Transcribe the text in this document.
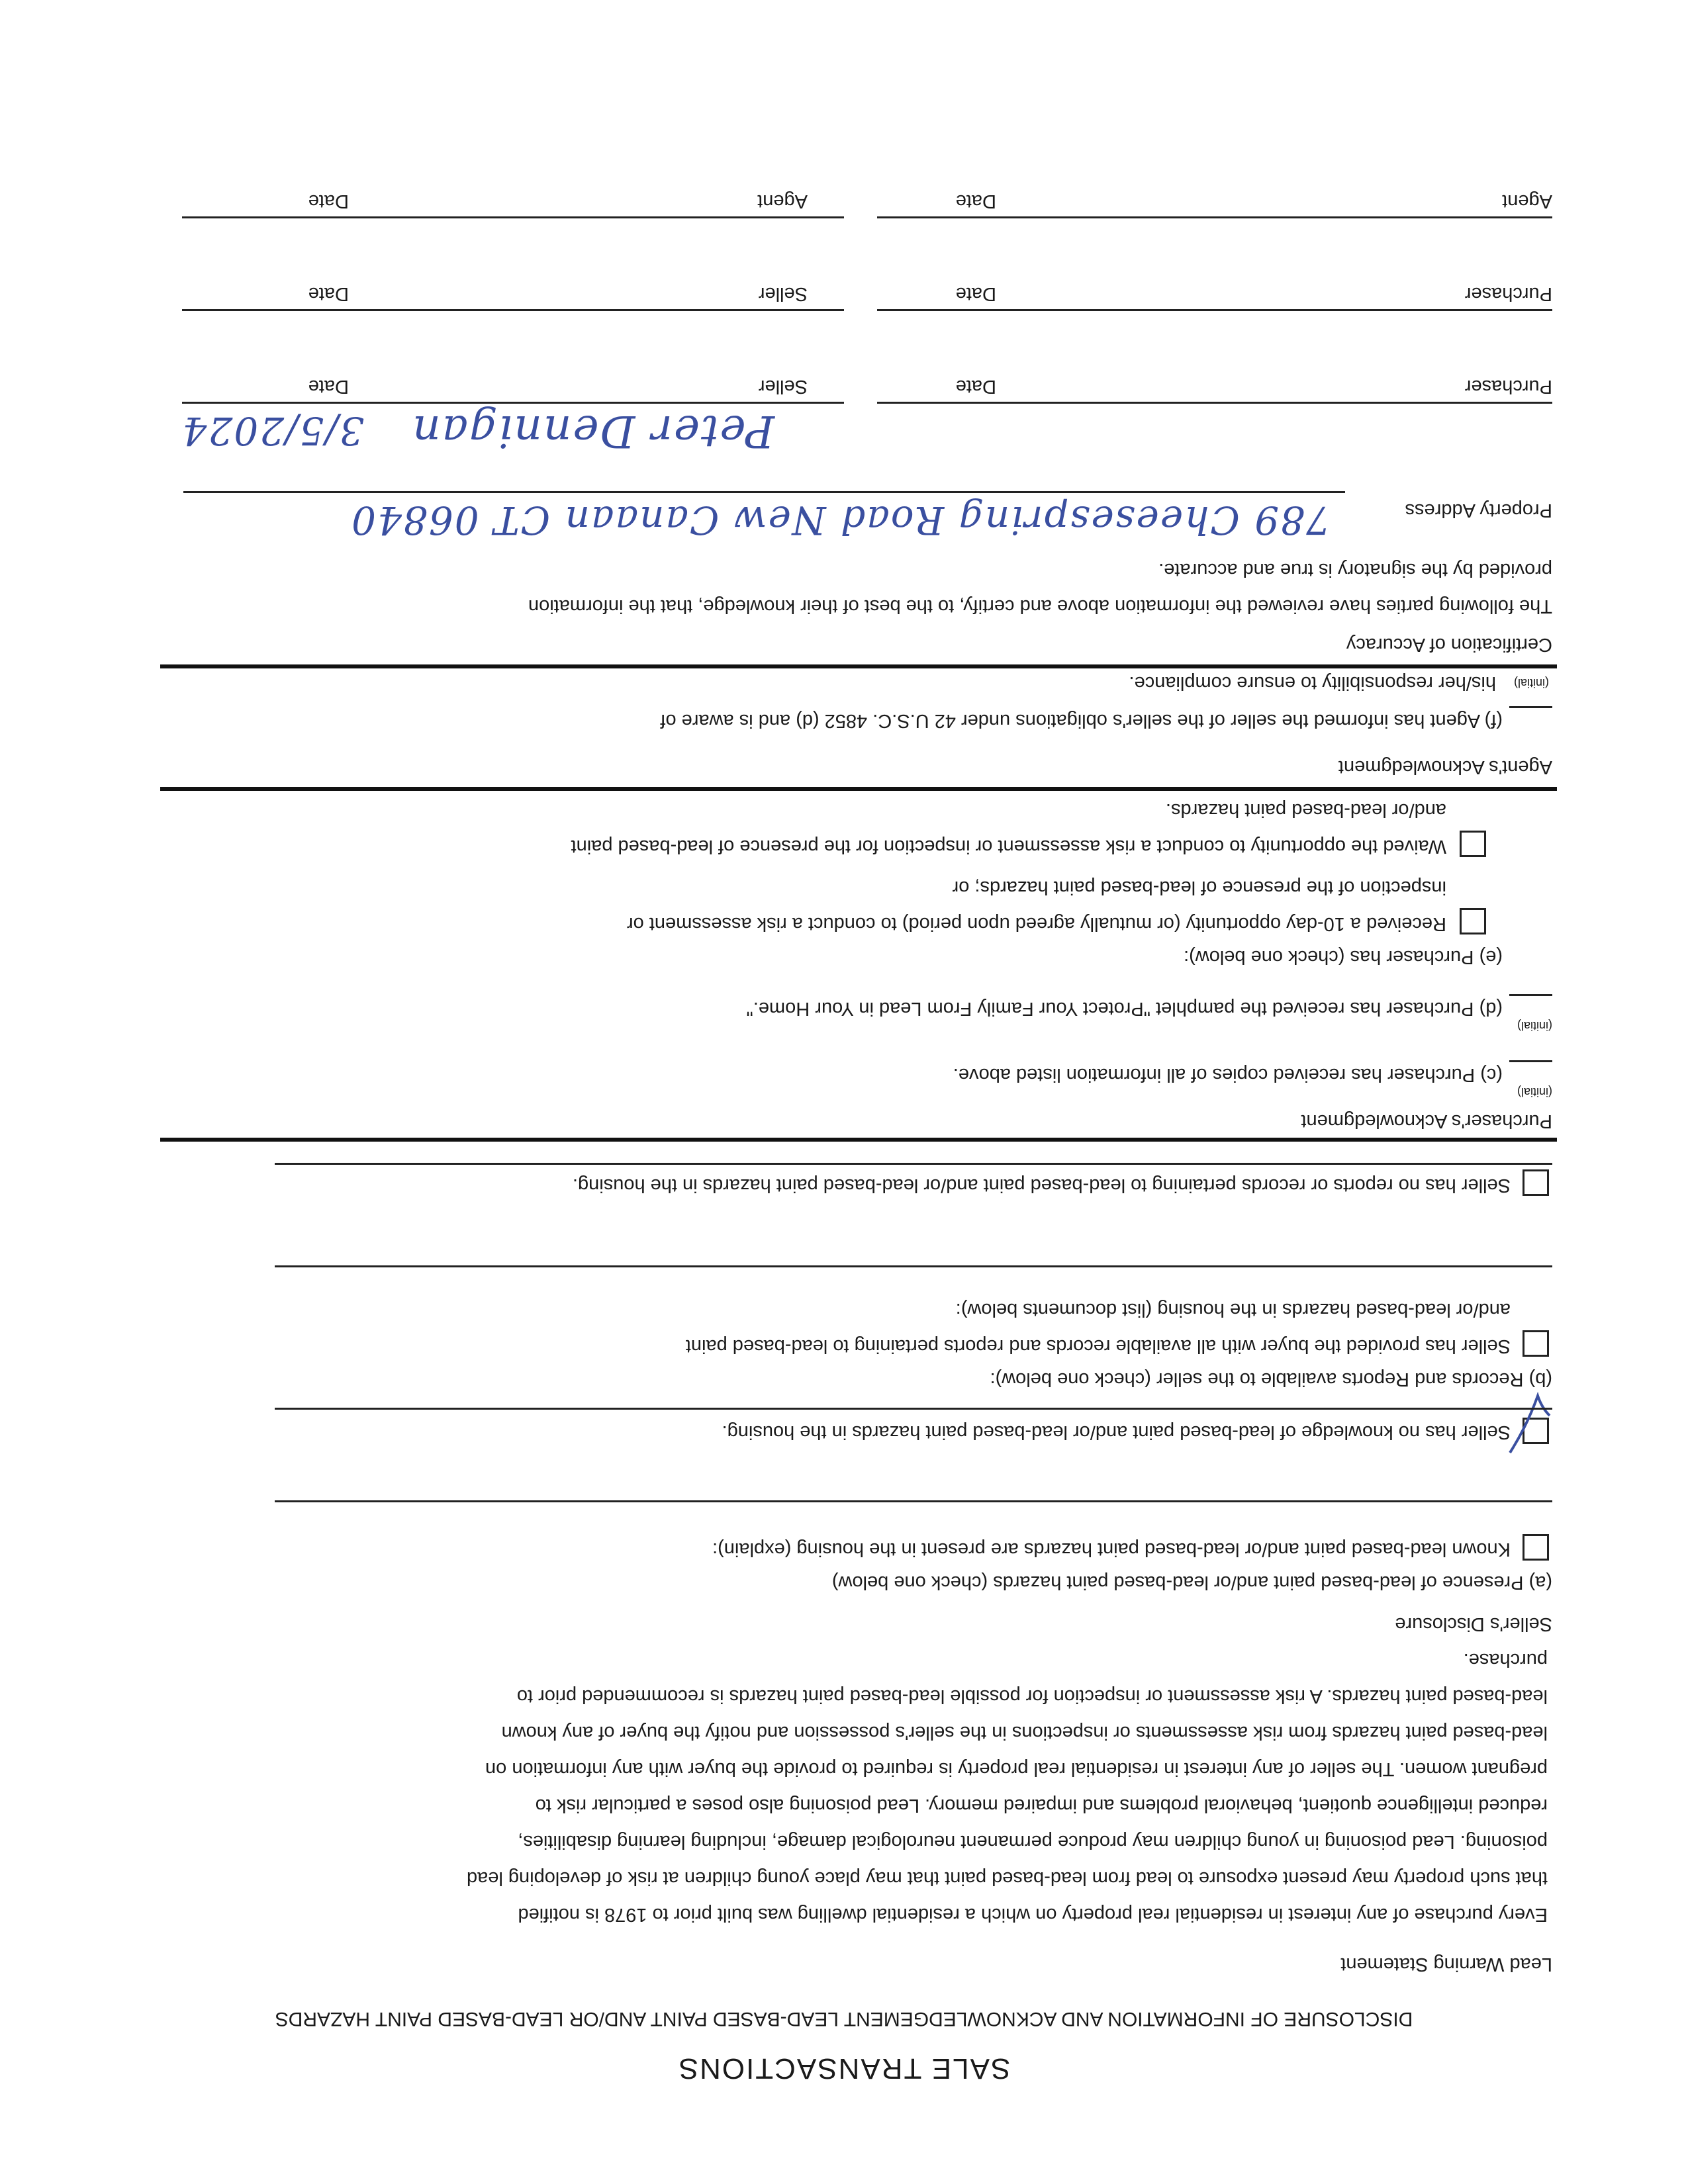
SALE TRANSACTIONS
DISCLOSURE OF INFORMATION AND ACKNOWLEDGEMENT LEAD-BASED PAINT AND/OR LEAD-BASED PAINT HAZARDS
Lead Warning Statement
Every purchase of any interest in residential real property on which a residential dwelling was built prior to 1978 is notified
that such property may present exposure to lead from lead-based paint that may place young children at risk of developing lead
poisoning. Lead poisoning in young children may produce permanent neurological damage, including learning disabilities,
reduced intelligence quotient, behavioral problems and impaired memory. Lead poisoning also poses a particular risk to
pregnant women. The seller of any interest in residential real property is required to provide the buyer with any information on
lead-based paint hazards from risk assessments or inspections in the seller's possession and notify the buyer of any known
lead-based paint hazards. A risk assessment or inspection for possible lead-based paint hazards is recommended prior to
purchase.
Seller's Disclosure
(a) Presence of lead-based paint and/or lead-based paint hazards (check one below)
Known lead-based paint and/or lead-based paint hazards are present in the housing (explain):
Seller has no knowledge of lead-based paint and/or lead-based paint hazards in the housing.
(b) Records and Reports available to the seller (check one below):
Seller has provided the buyer with all available records and reports pertaining to lead-based paint
and/or lead-based hazards in the housing (list documents below):
Seller has no reports or records pertaining to lead-based paint and/or lead-based paint hazards in the housing.
Purchaser's Acknowledgment
(initial)
(c) Purchaser has received copies of all information listed above.
(initial)
(d) Purchaser has received the pamphlet "Protect Your Family From Lead in Your Home."
(e) Purchaser has (check one below):
Received a 10-day opportunity (or mutually agreed upon period) to conduct a risk assessment or
inspection of the presence of lead-based paint hazards; or
Waived the opportunity to conduct a risk assessment or inspection for the presence of lead-based paint
and/or lead-based paint hazards.
Agent's Acknowledgment
(f) Agent has informed the seller of the seller's obligations under 42 U.S.C. 4852 (d) and is aware of
(initial)
his/her responsibility to ensure compliance.
Certification of Accuracy
The following parties have reviewed the information above and certify, to the best of their knowledge, that the information
provided by the signatory is true and accurate.
Property Address
789 Cheesespring Road New Canaan CT 06840
Purchaser
Date
Seller
Date
Peter Dennigan
3/5/2024
Purchaser
Date
Seller
Date
Agent
Date
Agent
Date
